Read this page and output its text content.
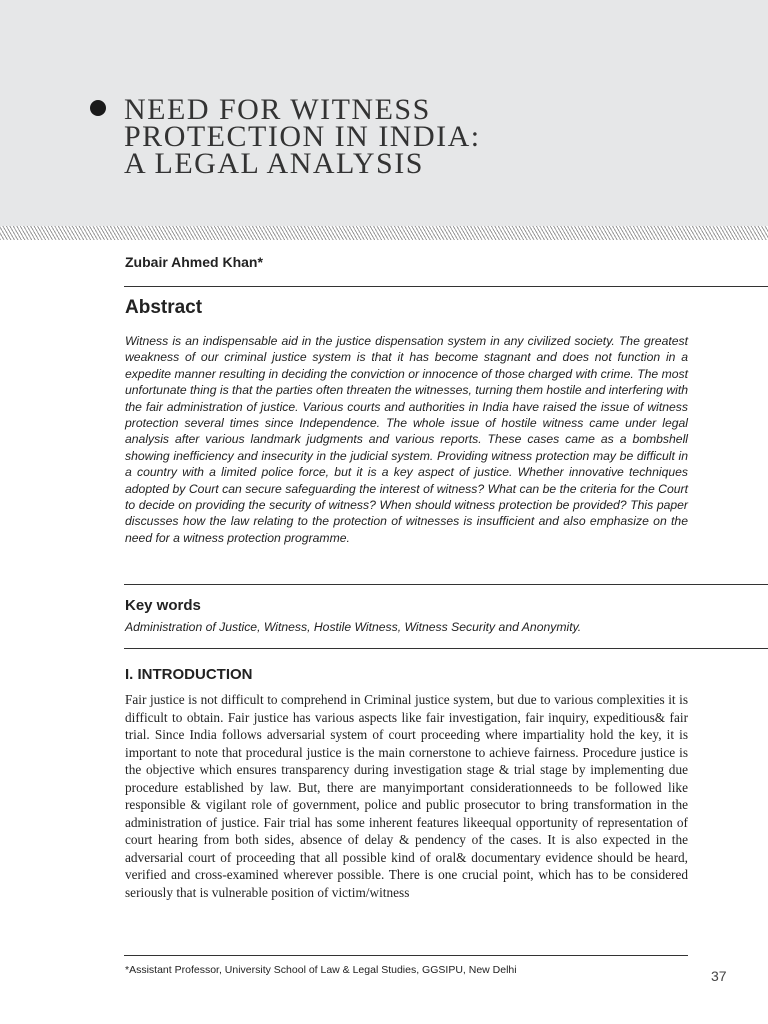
NEED FOR WITNESS
PROTECTION IN INDIA:
A LEGAL ANALYSIS
Zubair Ahmed Khan*
Abstract

Witness is an indispensable aid in the justice dispensation system in any civilized society. The greatest weakness of our criminal justice system is that it has become stagnant and does not function in a expedite manner resulting in deciding the conviction or innocence of those charged with crime. The most unfortunate thing is that the parties often threaten the witnesses, turning them hostile and interfering with the fair administration of justice. Various courts and authorities in India have raised the issue of witness protection several times since Independence. The whole issue of hostile witness came under legal analysis after various landmark judgments and various reports. These cases came as a bombshell showing inefficiency and insecurity in the judicial system. Providing witness protection may be difficult in a country with a limited police force, but it is a key aspect of justice. Whether innovative techniques adopted by Court can secure safeguarding the interest of witness? What can be the criteria for the Court to decide on providing the security of witness? When should witness protection be provided? This paper discusses how the law relating to the protection of witnesses is insufficient and also emphasize on the need for a witness protection programme.

Key words
Administration of Justice, Witness, Hostile Witness, Witness Security and Anonymity.
I. INTRODUCTION

Fair justice is not difficult to comprehend in Criminal justice system, but due to various complexities it is difficult to obtain. Fair justice has various aspects like fair investigation, fair inquiry, expeditious& fair trial. Since India follows adversarial system of court proceeding where impartiality hold the key, it is important to note that procedural justice is the main cornerstone to achieve fairness. Procedure justice is the objective which ensures transparency during investigation stage & trial stage by implementing due procedure established by law. But, there are manyimportant considerationneeds to be followed like responsible & vigilant role of government, police and public prosecutor to bring transformation in the administration of justice. Fair trial has some inherent features likeequal opportunity of representation of court hearing from both sides, absence of delay & pendency of the cases. It is also expected in the adversarial court of proceeding that all possible kind of oral& documentary evidence should be heard, verified and cross-examined wherever possible. There is one crucial point, which has to be considered seriously that is vulnerable position of victim/witness

*Assistant Professor, University School of Law & Legal Studies, GGSIPU, New Delhi	37
